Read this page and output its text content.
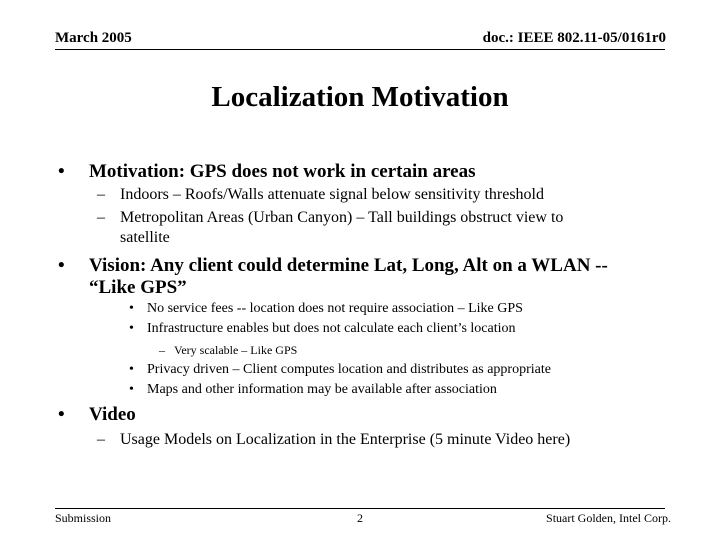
March 2005	doc.: IEEE 802.11-05/0161r0
Localization Motivation
• Motivation: GPS does not work in certain areas
– Indoors – Roofs/Walls attenuate signal below sensitivity threshold
– Metropolitan Areas (Urban Canyon) – Tall buildings obstruct view to
satellite
• Vision: Any client could determine Lat, Long, Alt on a WLAN --
“Like GPS”
• No service fees -- location does not require association – Like GPS
• Infrastructure enables but does not calculate each client’s location
– Very scalable – Like GPS
• Privacy driven – Client computes location and distributes as appropriate
• Maps and other information may be available after association
• Video
– Usage Models on Localization in the Enterprise (5 minute Video here)
Submission	2	Stuart Golden, Intel Corp.
